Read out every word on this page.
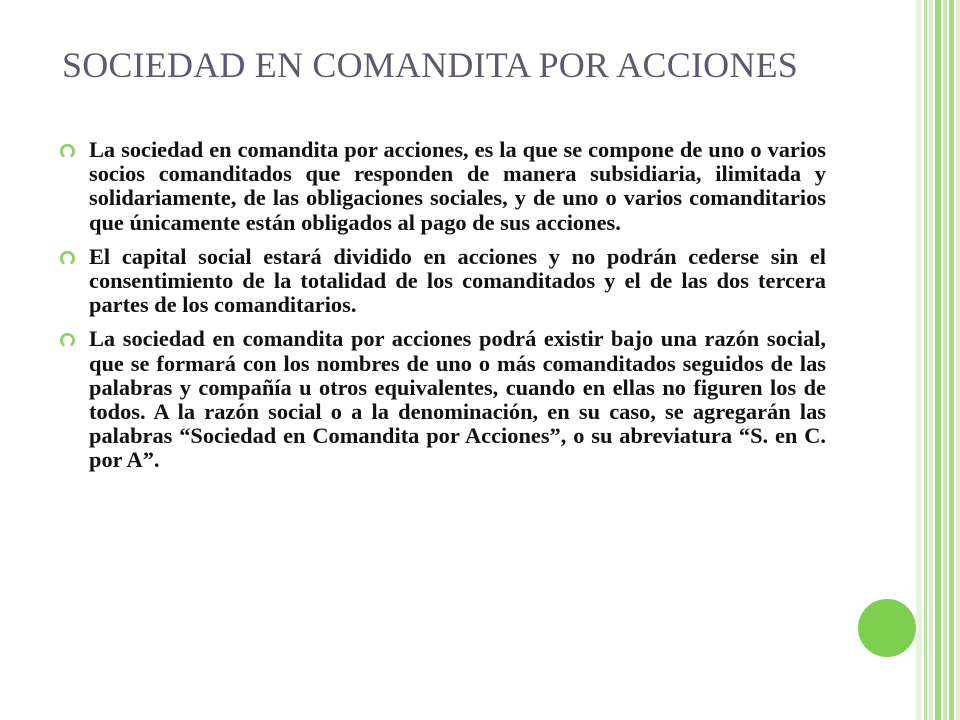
SOCIEDAD EN COMANDITA POR ACCIONES
La sociedad en comandita por acciones, es la que se compone de uno o varios socios comanditados que responden de manera subsidiaria, ilimitada y solidariamente, de las obligaciones sociales, y de uno o varios comanditarios que únicamente están obligados al pago de sus acciones.
El capital social estará dividido en acciones y no podrán cederse sin el consentimiento de la totalidad de los comanditados y el de las dos tercera partes de los comanditarios.
La sociedad en comandita por acciones podrá existir bajo una razón social, que se formará con los nombres de uno o más comanditados seguidos de las palabras y compañía u otros equivalentes, cuando en ellas no figuren los de todos. A la razón social o a la denominación, en su caso, se agregarán las palabras “Sociedad en Comandita por Acciones”, o su abreviatura “S. en C. por A”.
